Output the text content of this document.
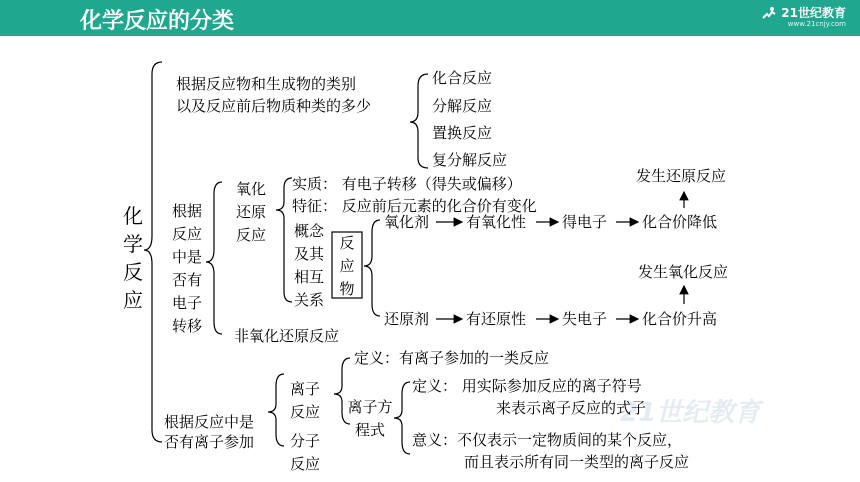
化学反应的分类	21世纪教育
www.21cnjy.com
21世纪教育
化学反应
根据反应物和生成物的类别
以及反应前后物质种类的多少
化合反应
分解反应
置换反应
复分解反应
根据反应中是否有电子转移
氧化还原反应
实质： 有电子转移（得失或偏移）
特征： 反应前后元素的化合价有变化
概念及其相互关系
反应物
氧化剂 有氧化性 得电子 化合价降低
发生还原反应
还原剂 有还原性 失电子 化合价升高
发生氧化反应
非氧化还原反应
根据反应中是
否有离子参加
离子反应
分子反应
定义：有离子参加的一类反应
离子方程式
定义： 用实际参加反应的离子符号
来表示离子反应的式子
意义：不仅表示一定物质间的某个反应，
而且表示所有同一类型的离子反应
